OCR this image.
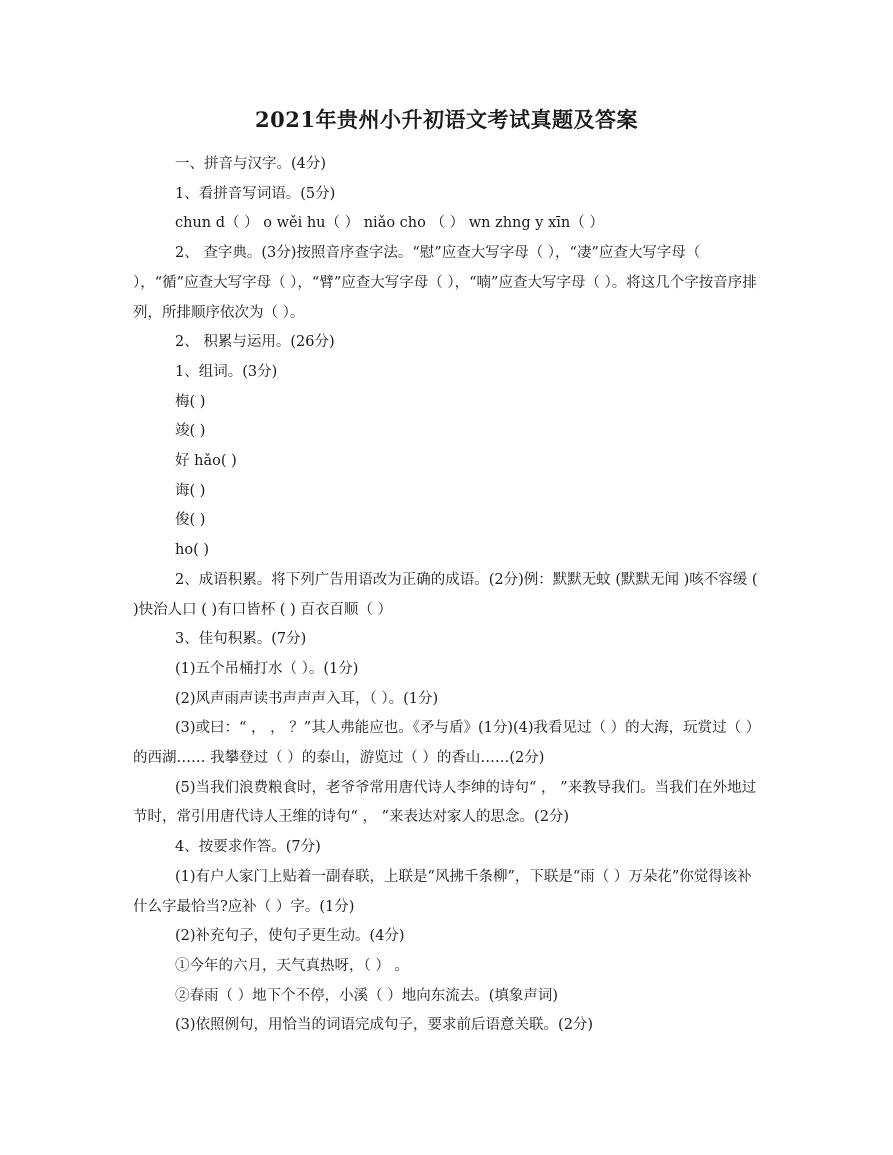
2021年贵州小升初语文考试真题及答案

一、拼音与汉字。(4分)

1、看拼音写词语。(5分)

chun d（ ） o wěi hu（ ） niǎo cho （ ） wn zhng y xīn（ ）

2、 查字典。(3分)按照音序查字法。“慰”应查大写字母（ ），“凄”应查大写字母（ ），“循”应查大写字母（ ），“臂”应查大写字母（ ），“喃”应查大写字母（ ）。将这几个字按音序排列，所排顺序依次为（ ）。

2、 积累与运用。(26分)

1、组词。(3分)

梅( )

竣( )

好 hǎo( )

诲( )

俊( )

ho( )

2、成语积累。将下列广告用语改为正确的成语。(2分)例：默默无蚊 (默默无闻 )咳不容缓 ( )快治人口 ( )有口皆杯 ( ) 百衣百顺（ ）

3、佳句积累。(7分)

(1)五个吊桶打水（ ）。(1分)

(2)风声雨声读书声声声入耳，（ ）。(1分)

(3)或曰：“ ， ， ？”其人弗能应也。《矛与盾》(1分)(4)我看见过（ ）的大海，玩赏过（ ）的西湖…… 我攀登过（ ）的泰山，游览过（ ）的香山……(2分)

(5)当我们浪费粮食时，老爷爷常用唐代诗人李绅的诗句“ ， ”来教导我们。当我们在外地过节时，常引用唐代诗人王维的诗句“ ， ”来表达对家人的思念。(2分)

4、按要求作答。(7分)

(1)有户人家门上贴着一副春联，上联是“风拂千条柳”，下联是“雨（ ）万朵花”你觉得该补什么字最恰当?应补（ ）字。(1分)

(2)补充句子，使句子更生动。(4分)

①今年的六月，天气真热呀，（ ） 。

②春雨（ ）地下个不停，小溪（ ）地向东流去。(填象声词)

(3)依照例句，用恰当的词语完成句子，要求前后语意关联。(2分)
